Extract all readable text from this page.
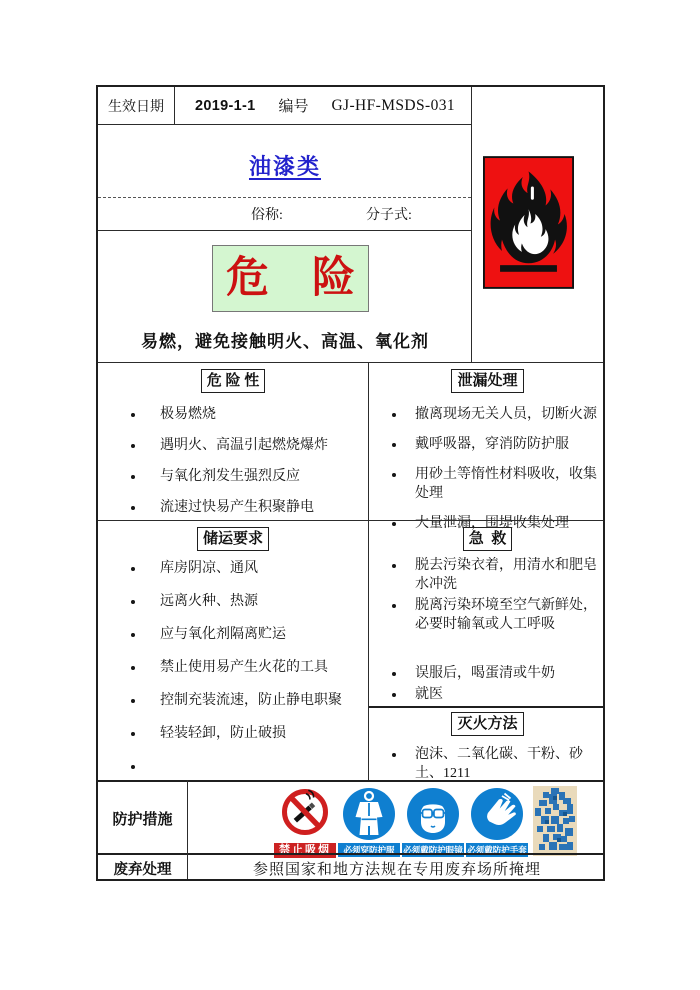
生效日期	2019-1-1 编号 GJ-HF-MSDS-031
油漆类
俗称:	分子式:
危　险
易燃，避免接触明火、高温、氧化剂
危 险 性
极易燃烧
遇明火、高温引起燃烧爆炸
与氧化剂发生强烈反应
流速过快易产生积聚静电
泄漏处理
撤离现场无关人员，切断火源
戴呼吸器，穿消防防护服
用砂土等惰性材料吸收，收集处理
大量泄漏，围堤收集处理
储运要求
库房阴凉、通风
远离火种、热源
应与氧化剂隔离贮运
禁止使用易产生火花的工具
控制充装流速，防止静电职聚
轻装轻卸，防止破损
急  救
脱去污染衣着，用清水和肥皂水冲洗
脱离污染环境至空气新鲜处，必要时输氧或人工呼吸
误服后，喝蛋清或牛奶
就医
灭火方法
泡沫、二氧化碳、干粉、砂土、1211
防护措施
禁止吸烟	必须穿防护服	必须戴防护眼镜 必须戴防护手套
废弃处理	参照国家和地方法规在专用废弃场所掩埋
